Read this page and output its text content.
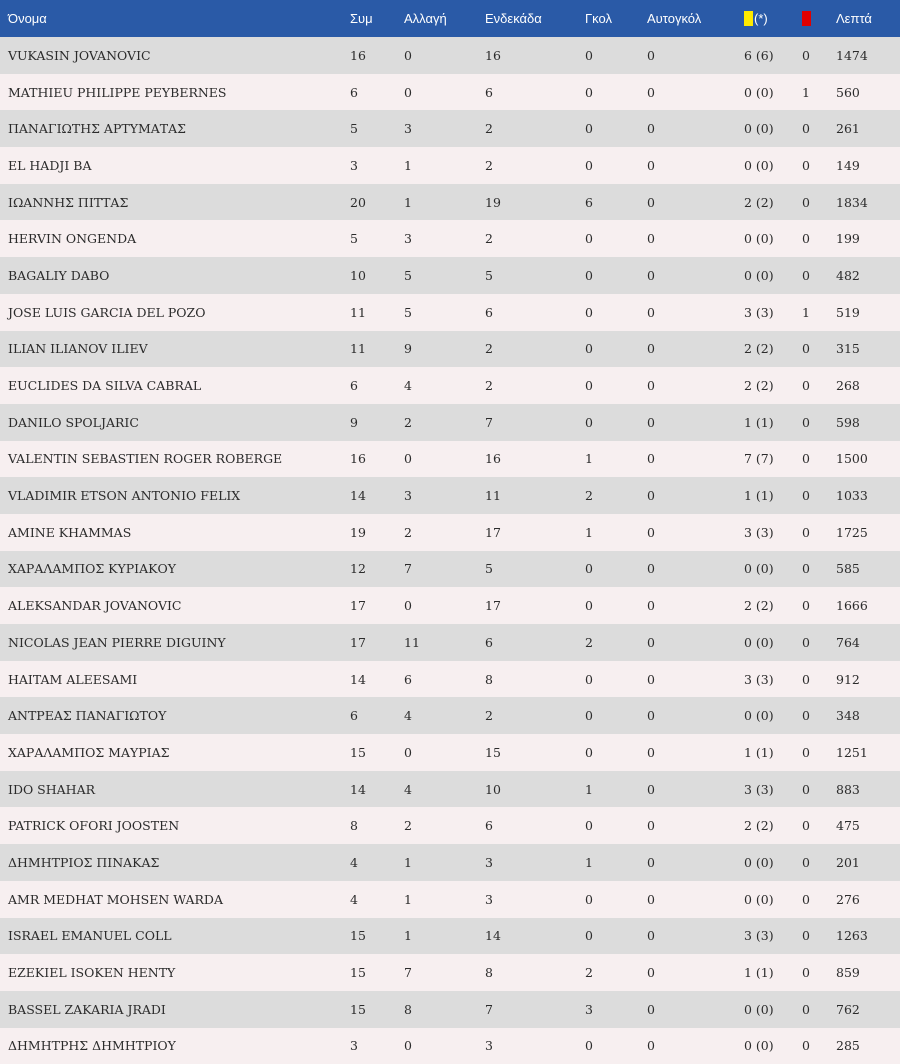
Όνομα	Συμ	Αλλαγή	Ενδεκάδα	Γκολ	Αυτογκόλ	(*)		Λεπτά
VUKASIN JOVANOVIC	16	0	16	0	0	6 (6)	0	1474
MATHIEU PHILIPPE PEYBERNES	6	0	6	0	0	0 (0)	1	560
ΠΑΝΑΓΙΩΤΗΣ ΑΡΤΥΜΑΤΑΣ	5	3	2	0	0	0 (0)	0	261
EL HADJI BA	3	1	2	0	0	0 (0)	0	149
ΙΩΑΝΝΗΣ ΠΙΤΤΑΣ	20	1	19	6	0	2 (2)	0	1834
HERVIN ONGENDA	5	3	2	0	0	0 (0)	0	199
BAGALIY DABO	10	5	5	0	0	0 (0)	0	482
JOSE LUIS GARCIA DEL POZO	11	5	6	0	0	3 (3)	1	519
ILIAN ILIANOV ILIEV	11	9	2	0	0	2 (2)	0	315
EUCLIDES DA SILVA CABRAL	6	4	2	0	0	2 (2)	0	268
DANILO SPOLJARIC	9	2	7	0	0	1 (1)	0	598
VALENTIN SEBASTIEN ROGER ROBERGE	16	0	16	1	0	7 (7)	0	1500
VLADIMIR ETSON ANTONIO FELIX	14	3	11	2	0	1 (1)	0	1033
AMINE KHAMMAS	19	2	17	1	0	3 (3)	0	1725
ΧΑΡΑΛΑΜΠΟΣ ΚΥΡΙΑΚΟΥ	12	7	5	0	0	0 (0)	0	585
ALEKSANDAR JOVANOVIC	17	0	17	0	0	2 (2)	0	1666
NICOLAS JEAN PIERRE DIGUINY	17	11	6	2	0	0 (0)	0	764
HAITAM ALEESAMI	14	6	8	0	0	3 (3)	0	912
ΑΝΤΡΕΑΣ ΠΑΝΑΓΙΩΤΟΥ	6	4	2	0	0	0 (0)	0	348
ΧΑΡΑΛΑΜΠΟΣ ΜΑΥΡΙΑΣ	15	0	15	0	0	1 (1)	0	1251
IDO SHAHAR	14	4	10	1	0	3 (3)	0	883
PATRICK OFORI JOOSTEN	8	2	6	0	0	2 (2)	0	475
ΔΗΜΗΤΡΙΟΣ ΠΙΝΑΚΑΣ	4	1	3	1	0	0 (0)	0	201
AMR MEDHAT MOHSEN WARDA	4	1	3	0	0	0 (0)	0	276
ISRAEL EMANUEL COLL	15	1	14	0	0	3 (3)	0	1263
EZEKIEL ISOKEN HENTY	15	7	8	2	0	1 (1)	0	859
BASSEL ZAKARIA JRADI	15	8	7	3	0	0 (0)	0	762
ΔΗΜΗΤΡΗΣ ΔΗΜΗΤΡΙΟΥ	3	0	3	0	0	0 (0)	0	285
